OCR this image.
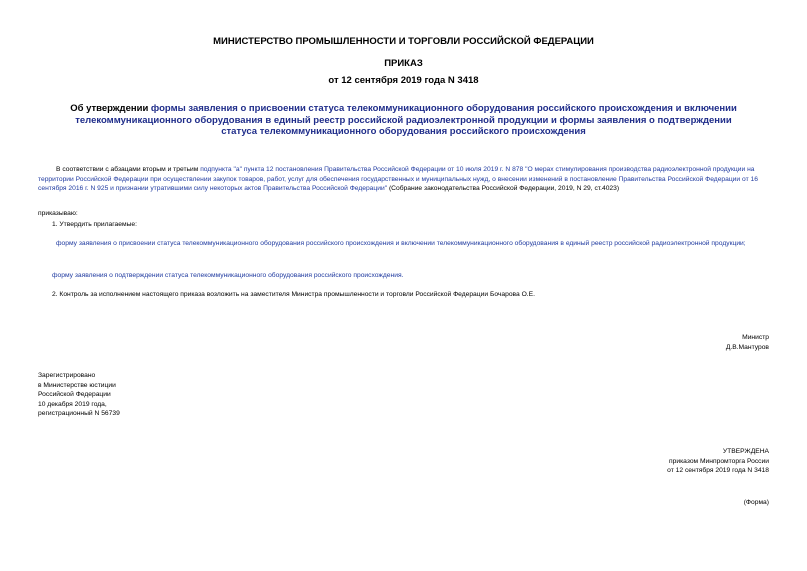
МИНИСТЕРСТВО ПРОМЫШЛЕННОСТИ И ТОРГОВЛИ РОССИЙСКОЙ ФЕДЕРАЦИИ

ПРИКАЗ

от 12 сентября 2019 года N 3418

Об утверждении формы заявления о присвоении статуса телекоммуникационного оборудования российского происхождения и включении телекоммуникационного оборудования в единый реестр российской радиоэлектронной продукции и формы заявления о подтверждении статуса телекоммуникационного оборудования российского происхождения

В соответствии с абзацами вторым и третьим подпункта "а" пункта 12 постановления Правительства Российской Федерации от 10 июля 2019 г. N 878 "О мерах стимулирования производства радиоэлектронной продукции на территории Российской Федерации при осуществлении закупок товаров, работ, услуг для обеспечения государственных и муниципальных нужд, о внесении изменений в постановление Правительства Российской Федерации от 16 сентября 2016 г. N 925 и признании утратившими силу некоторых актов Правительства Российской Федерации" (Собрание законодательства Российской Федерации, 2019, N 29, ст.4023)

приказываю:

1. Утвердить прилагаемые:

форму заявления о присвоении статуса телекоммуникационного оборудования российского происхождения и включении телекоммуникационного оборудования в единый реестр российской радиоэлектронной продукции;

форму заявления о подтверждении статуса телекоммуникационного оборудования российского происхождения.

2. Контроль за исполнением настоящего приказа возложить на заместителя Министра промышленности и торговли Российской Федерации Бочарова О.Е.

Министр
Д.В.Мантуров
Зарегистрировано
в Министерстве юстиции
Российской Федерации
10 декабря 2019 года,
регистрационный N 56739
УТВЕРЖДЕНА
приказом Минпромторга России
от 12 сентября 2019 года N 3418

(Форма)
